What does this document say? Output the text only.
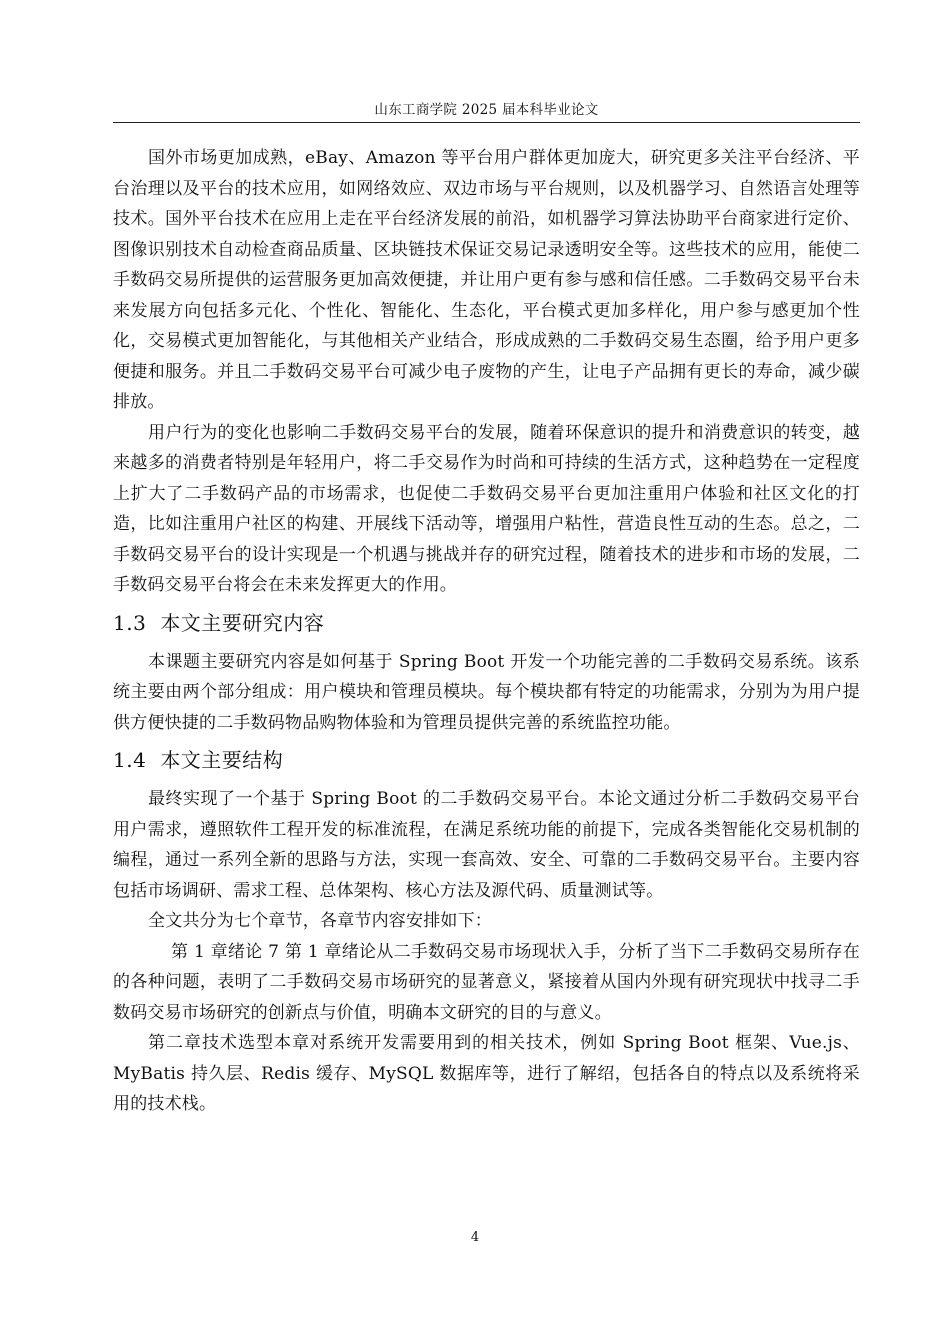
山东工商学院 2025 届本科毕业论文

国外市场更加成熟，eBay、Amazon 等平台用户群体更加庞大，研究更多关注平台经济、平台治理以及平台的技术应用，如网络效应、双边市场与平台规则，以及机器学习、自然语言处理等技术。国外平台技术在应用上走在平台经济发展的前沿，如机器学习算法协助平台商家进行定价、图像识别技术自动检查商品质量、区块链技术保证交易记录透明安全等。这些技术的应用，能使二手数码交易所提供的运营服务更加高效便捷，并让用户更有参与感和信任感。二手数码交易平台未来发展方向包括多元化、个性化、智能化、生态化，平台模式更加多样化，用户参与感更加个性化，交易模式更加智能化，与其他相关产业结合，形成成熟的二手数码交易生态圈，给予用户更多便捷和服务。并且二手数码交易平台可减少电子废物的产生，让电子产品拥有更长的寿命，减少碳排放。

用户行为的变化也影响二手数码交易平台的发展，随着环保意识的提升和消费意识的转变，越来越多的消费者特别是年轻用户，将二手交易作为时尚和可持续的生活方式，这种趋势在一定程度上扩大了二手数码产品的市场需求，也促使二手数码交易平台更加注重用户体验和社区文化的打造，比如注重用户社区的构建、开展线下活动等，增强用户粘性，营造良性互动的生态。总之，二手数码交易平台的设计实现是一个机遇与挑战并存的研究过程，随着技术的进步和市场的发展，二手数码交易平台将会在未来发挥更大的作用。

1.3 本文主要研究内容

本课题主要研究内容是如何基于 Spring Boot 开发一个功能完善的二手数码交易系统。该系统主要由两个部分组成：用户模块和管理员模块。每个模块都有特定的功能需求，分别为为用户提供方便快捷的二手数码物品购物体验和为管理员提供完善的系统监控功能。

1.4 本文主要结构

最终实现了一个基于 Spring Boot 的二手数码交易平台。本论文通过分析二手数码交易平台用户需求，遵照软件工程开发的标准流程，在满足系统功能的前提下，完成各类智能化交易机制的编程，通过一系列全新的思路与方法，实现一套高效、安全、可靠的二手数码交易平台。主要内容包括市场调研、需求工程、总体架构、核心方法及源代码、质量测试等。

全文共分为七个章节，各章节内容安排如下：

第 1 章绪论 7 第 1 章绪论从二手数码交易市场现状入手，分析了当下二手数码交易所存在的各种问题，表明了二手数码交易市场研究的显著意义，紧接着从国内外现有研究现状中找寻二手数码交易市场研究的创新点与价值，明确本文研究的目的与意义。

第二章技术选型本章对系统开发需要用到的相关技术，例如 Spring Boot 框架、Vue.js、MyBatis 持久层、Redis 缓存、MySQL 数据库等，进行了解绍，包括各自的特点以及系统将采用的技术栈。

4
